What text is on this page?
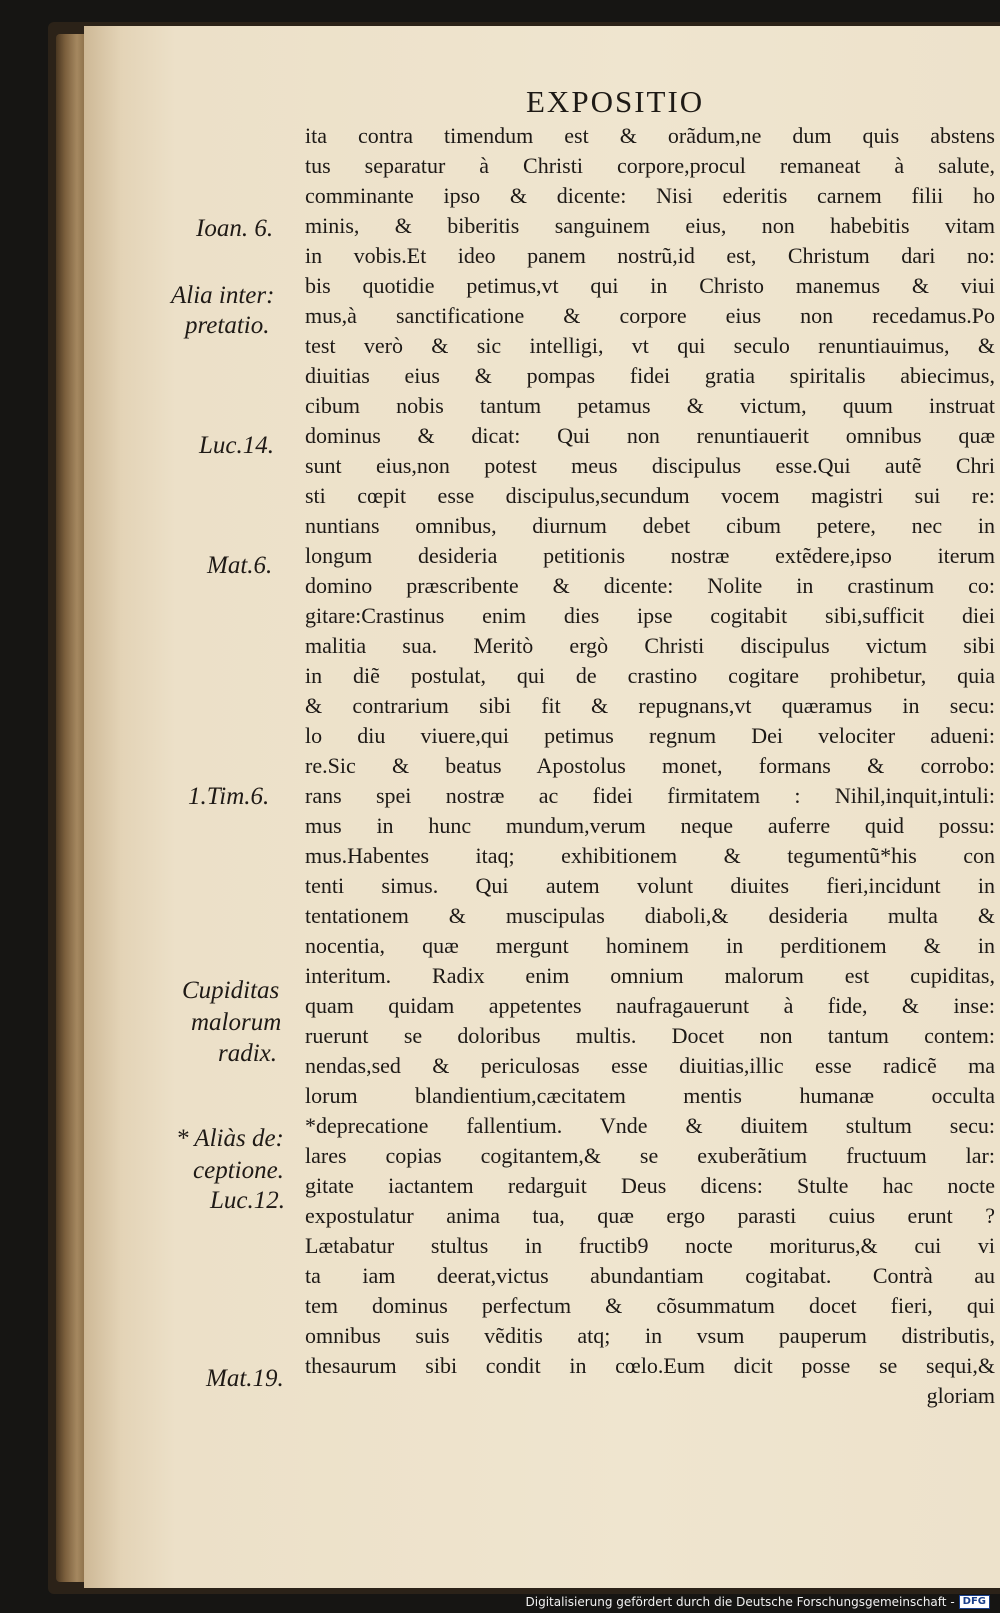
EXPOSITIO
ita contra timendum est & orãdum,ne dum quis abstens
tus separatur à Christi corpore,procul remaneat à salute,
comminante ipso & dicente: Nisi ederitis carnem filii ho
minis, & biberitis sanguinem eius, non habebitis vitam
in vobis.Et ideo panem nostrũ,id est, Christum dari no:
bis quotidie petimus,vt qui in Christo manemus & viui
mus,à sanctificatione & corpore eius non recedamus.Po
test verò & sic intelligi, vt qui seculo renuntiauimus, &
diuitias eius & pompas fidei gratia spiritalis abiecimus,
cibum nobis tantum petamus & victum, quum instruat
dominus & dicat: Qui non renuntiauerit omnibus quæ
sunt eius,non potest meus discipulus esse.Qui autẽ Chri
sti cœpit esse discipulus,secundum vocem magistri sui re:
nuntians omnibus, diurnum debet cibum petere, nec in
longum desideria petitionis nostræ extẽdere,ipso iterum
domino præscribente & dicente: Nolite in crastinum co:
gitare:Crastinus enim dies ipse cogitabit sibi,sufficit diei
malitia sua. Meritò ergò Christi discipulus victum sibi
in diẽ postulat, qui de crastino cogitare prohibetur, quia
& contrarium sibi fit & repugnans,vt quæramus in secu:
lo diu viuere,qui petimus regnum Dei velociter adueni:
re.Sic & beatus Apostolus monet, formans & corrobo:
rans spei nostræ ac fidei firmitatem : Nihil,inquit,intuli:
mus in hunc mundum,verum neque auferre quid possu:
mus.Habentes itaq; exhibitionem & tegumentũ*his con
tenti simus. Qui autem volunt diuites fieri,incidunt in
tentationem & muscipulas diaboli,& desideria multa &
nocentia, quæ mergunt hominem in perditionem & in
interitum. Radix enim omnium malorum est cupiditas,
quam quidam appetentes naufragauerunt à fide, & inse:
ruerunt se doloribus multis. Docet non tantum contem:
nendas,sed & periculosas esse diuitias,illic esse radicẽ ma
lorum blandientium,cæcitatem mentis humanæ occulta
*deprecatione fallentium. Vnde & diuitem stultum secu:
lares copias cogitantem,& se exuberãtium fructuum lar:
gitate iactantem redarguit Deus dicens: Stulte hac nocte
expostulatur anima tua, quæ ergo parasti cuius erunt ?
Lætabatur stultus in fructib9 nocte moriturus,& cui vi
ta iam deerat,victus abundantiam cogitabat. Contrà au
tem dominus perfectum & cõsummatum docet fieri, qui
omnibus suis vẽditis atq; in vsum pauperum distributis,
thesaurum sibi condit in cœlo.Eum dicit posse se sequi,&
gloriam
Ioan. 6.
Alia inter:
pretatio.
Luc.14.
Mat.6.
1.Tim.6.
Cupiditas
malorum
radix.
* Aliàs de:
ceptione.
Luc.12.
Mat.19.
Digitalisierung gefördert durch die Deutsche Forschungsgemeinschaft - DFG
